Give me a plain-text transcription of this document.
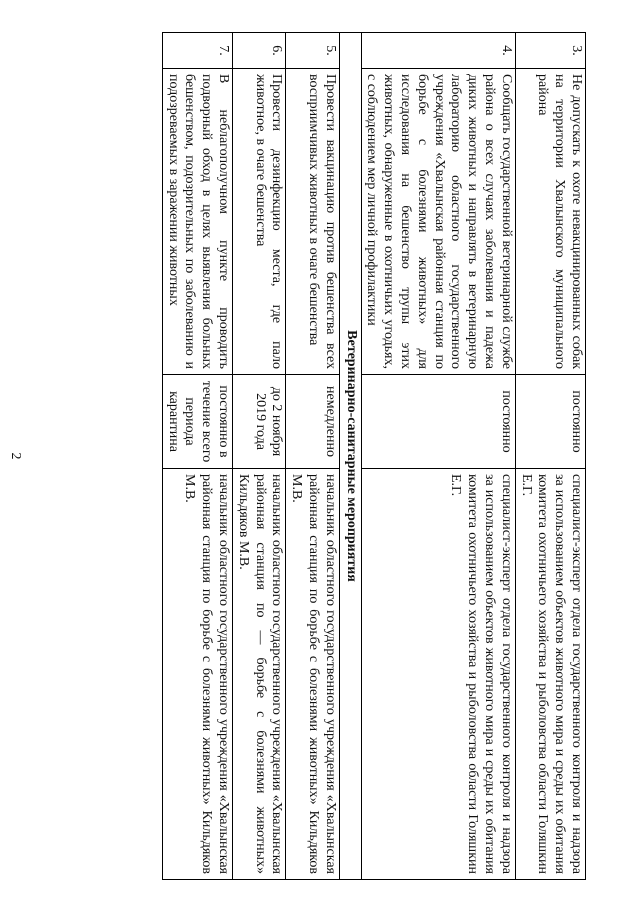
2
3.	Не допускать к охоте невакцинированных собак на территории Хвалынского муниципального района	постоянно	специалист-эксперт отдела государственного контроля и надзора за использованием объектов животного мира и среды их обитания комитета охотничьего хозяйства и рыболовства области Голяшкин Е.Г.
4.	Сообщать государственной ветеринарной службе района о всех случаях заболевания и падежа диких животных и направлять в ветеринарную лабораторию областного государственного учреждения «Хвалынская районная станция по борьбе с болезнями животных» для исследования на бешенство трупы этих животных, обнаруженные в охотничьих угодьях, с соблюдением мер личной профилактики	постоянно	специалист-эксперт отдела государственного контроля и надзора за использованием объектов животного мира и среды их обитания комитета охотничьего хозяйства и рыболовства области Голяшкин Е.Г.
Ветеринарно-санитарные мероприятия			
5.	Провести вакцинацию против бешенства всех восприимчивых животных в очаге бешенства	немедленно	начальник областного государственного учреждения «Хвалынская районная станция по борьбе с болезнями животных» Кильдяков М.В.
6.	Провести дезинфекцию места, где пало животное, в очаге бешенства	до 2 ноября 2019 года	начальник областного государственного учреждения «Хвалынская районная станция по — борьбе с болезнями животных» Кильдяков М.В.
7.	В неблагополучном пункте проводить подворный обход в целях выявления больных бешенством, подозрительных по заболеванию и подозреваемых в заражении животных	постоянно в течение всего периода карантина	начальник областного государственного учреждения «Хвалынская районная станция по борьбе с болезнями животных» Кильдяков М.В.
